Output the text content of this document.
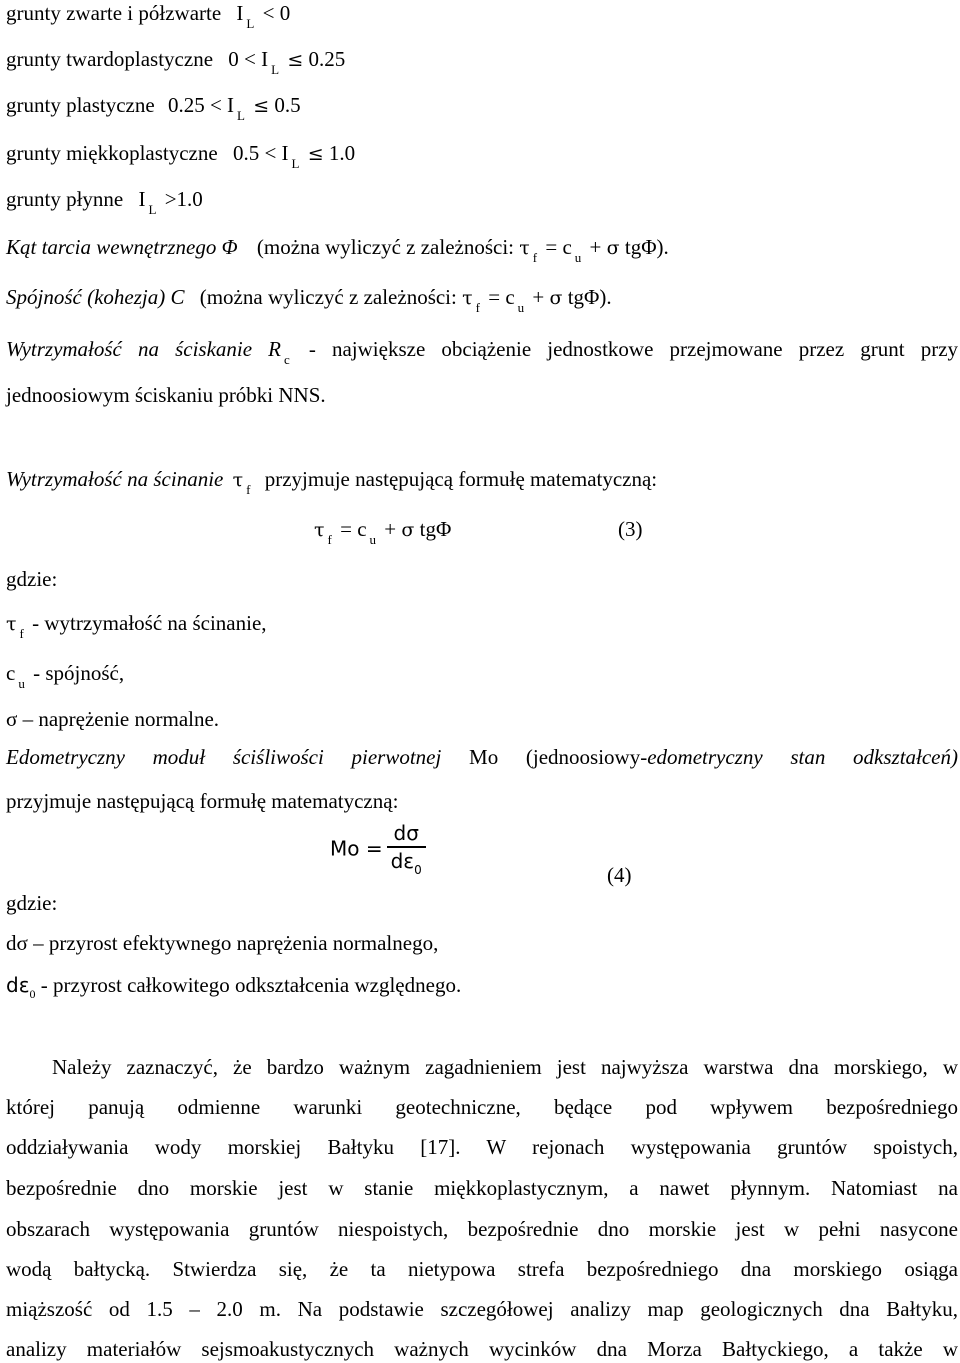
grunty zwarte i półzwarte I $_L$ < 0
grunty twardoplastyczne 0 < I $_L$ ≤ 0.25
grunty plastyczne 0.25 < I $_L$ ≤ 0.5
grunty miękkoplastyczne 0.5 < I $_L$ ≤ 1.0
grunty płynne I $_L$ >1.0
Kąt tarcia wewnętrznego Φ (można wyliczyć z zależności: τ $_f$ = c $_u$ + σ tgΦ).
Spójność (kohezja) C (można wyliczyć z zależności: τ $_f$ = c $_u$ + σ tgΦ).
Wytrzymałość na ściskanie R $_c$ - największe obciążenie jednostkowe przejmowane przez grunt przy
jednoosiowym ściskaniu próbki NNS.
Wytrzymałość na ścinanie τ $_f$ przyjmuje następującą formułę matematyczną:
τ $_f$ = c $_u$ + σ tgΦ	(3)
gdzie:
τ $_f$ - wytrzymałość na ścinanie,
c $_u$ - spójność,
σ – naprężenie normalne.
Edometryczny moduł ściśliwości pierwotnej Mo (jednoosiowy-edometryczny stan odkształceń)
przyjmuje następującą formułę matematyczną:
$Mo = \frac{d\sigma}{d\varepsilon_0}$	(4)
gdzie:
dσ – przyrost efektywnego naprężenia normalnego,
$d\varepsilon_0$ - przyrost całkowitego odkształcenia względnego.
Należy zaznaczyć, że bardzo ważnym zagadnieniem jest najwyższa warstwa dna morskiego, w
której panują odmienne warunki geotechniczne, będące pod wpływem bezpośredniego
oddziaływania wody morskiej Bałtyku [17]. W rejonach występowania gruntów spoistych,
bezpośrednie dno morskie jest w stanie miękkoplastycznym, a nawet płynnym. Natomiast na
obszarach występowania gruntów niespoistych, bezpośrednie dno morskie jest w pełni nasycone
wodą bałtycką. Stwierdza się, że ta nietypowa strefa bezpośredniego dna morskiego osiąga
miąższość od 1.5 – 2.0 m. Na podstawie szczegółowej analizy map geologicznych dna Bałtyku,
analizy materiałów sejsmoakustycznych ważnych wycinków dna Morza Bałtyckiego, a także w
